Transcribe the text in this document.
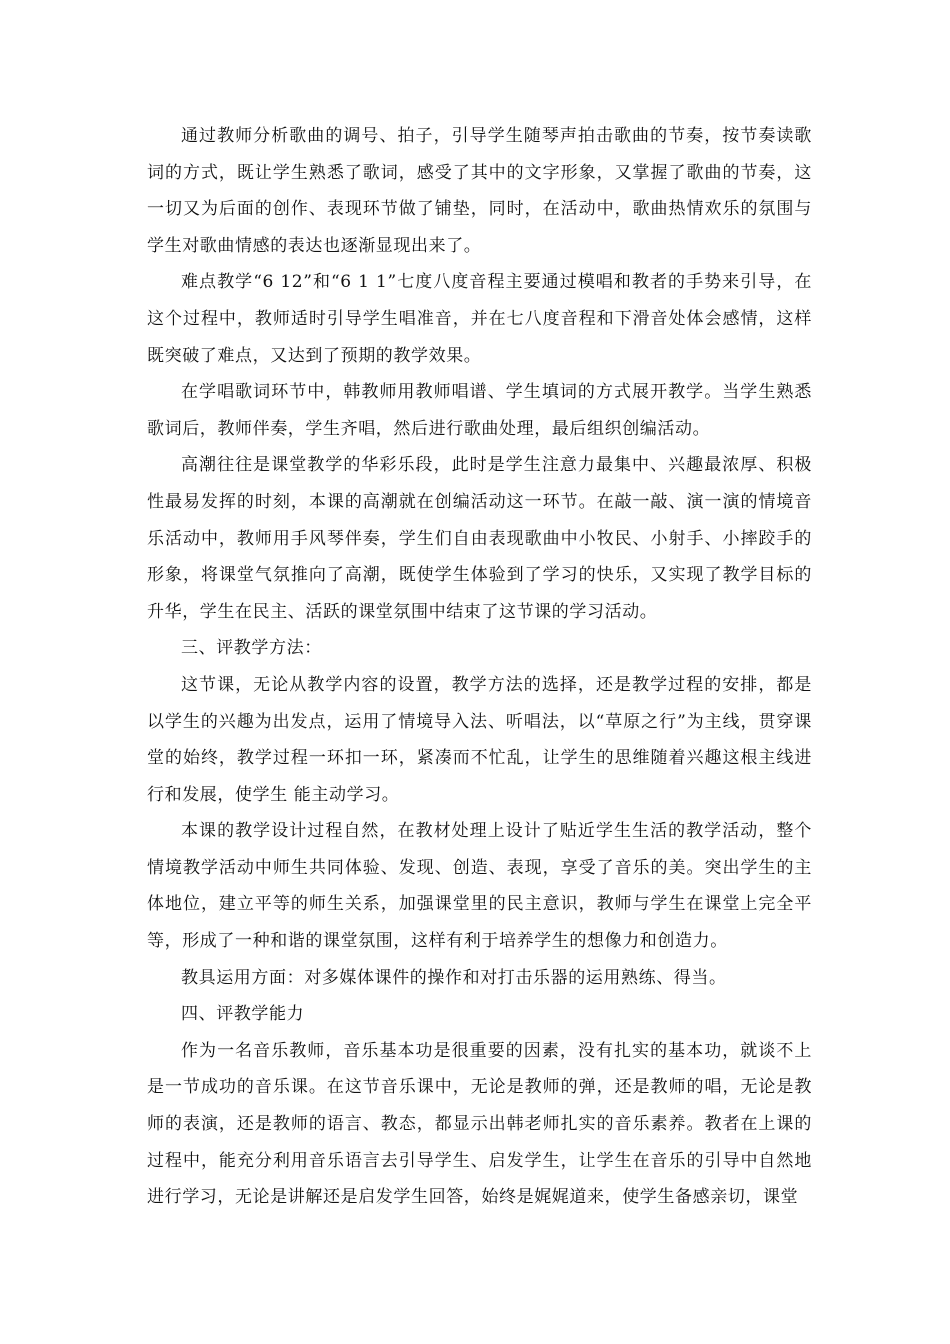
通过教师分析歌曲的调号、拍子，引导学生随琴声拍击歌曲的节奏，按节奏读歌词的方式，既让学生熟悉了歌词，感受了其中的文字形象，又掌握了歌曲的节奏，这一切又为后面的创作、表现环节做了铺垫，同时，在活动中，歌曲热情欢乐的氛围与学生对歌曲情感的表达也逐渐显现出来了。

难点教学“6 12”和“6 1 1”七度八度音程主要通过模唱和教者的手势来引导，在这个过程中，教师适时引导学生唱准音，并在七八度音程和下滑音处体会感情，这样既突破了难点，又达到了预期的教学效果。

在学唱歌词环节中，韩教师用教师唱谱、学生填词的方式展开教学。当学生熟悉歌词后，教师伴奏，学生齐唱，然后进行歌曲处理，最后组织创编活动。

高潮往往是课堂教学的华彩乐段，此时是学生注意力最集中、兴趣最浓厚、积极性最易发挥的时刻，本课的高潮就在创编活动这一环节。在敲一敲、演一演的情境音乐活动中，教师用手风琴伴奏，学生们自由表现歌曲中小牧民、小射手、小摔跤手的形象，将课堂气氛推向了高潮，既使学生体验到了学习的快乐，又实现了教学目标的升华，学生在民主、活跃的课堂氛围中结束了这节课的学习活动。

三、评教学方法：

这节课，无论从教学内容的设置，教学方法的选择，还是教学过程的安排，都是以学生的兴趣为出发点，运用了情境导入法、听唱法，以“草原之行”为主线，贯穿课堂的始终，教学过程一环扣一环，紧凑而不忙乱，让学生的思维随着兴趣这根主线进行和发展，使学生 能主动学习。

本课的教学设计过程自然，在教材处理上设计了贴近学生生活的教学活动，整个情境教学活动中师生共同体验、发现、创造、表现，享受了音乐的美。突出学生的主体地位，建立平等的师生关系，加强课堂里的民主意识，教师与学生在课堂上完全平等，形成了一种和谐的课堂氛围，这样有利于培养学生的想像力和创造力。

教具运用方面：对多媒体课件的操作和对打击乐器的运用熟练、得当。

四、评教学能力

作为一名音乐教师，音乐基本功是很重要的因素，没有扎实的基本功，就谈不上是一节成功的音乐课。在这节音乐课中，无论是教师的弹，还是教师的唱，无论是教师的表演，还是教师的语言、教态，都显示出韩老师扎实的音乐素养。教者在上课的过程中，能充分利用音乐语言去引导学生、启发学生，让学生在音乐的引导中自然地进行学习，无论是讲解还是启发学生回答，始终是娓娓道来，使学生备感亲切，课堂
